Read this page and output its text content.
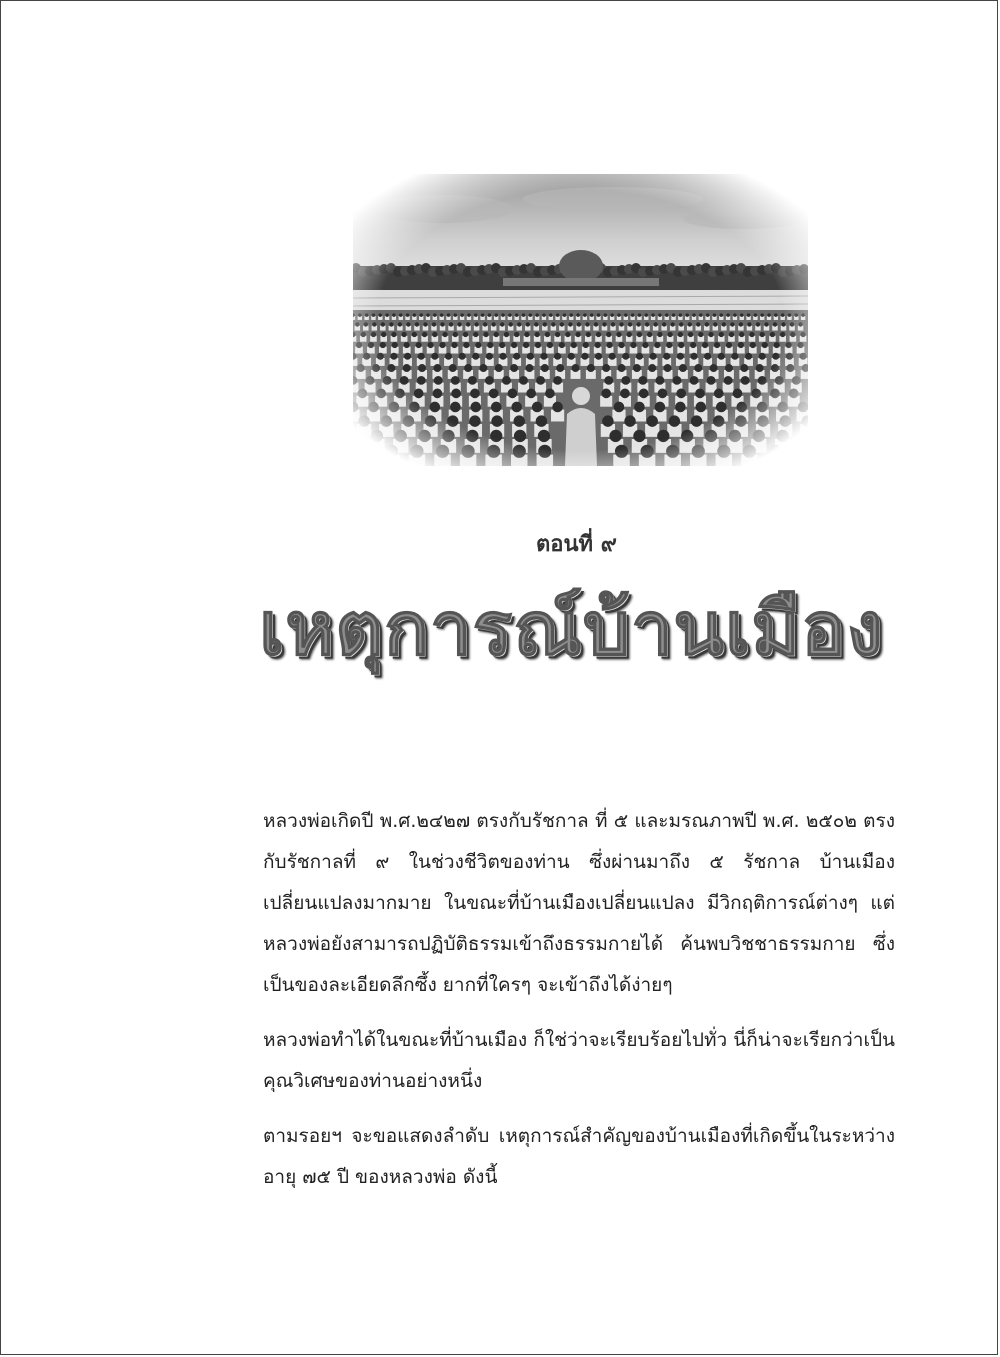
ตอนที่ ๙
เหตุการณ์บ้านเมือง

หลวงพ่อเกิดปี พ.ศ.๒๔๒๗ ตรงกับรัชกาล ที่ ๕ และมรณภาพปี พ.ศ. ๒๕๐๒ ตรงกับรัชกาลที่ ๙ ในช่วงชีวิตของท่าน ซึ่งผ่านมาถึง ๕ รัชกาล บ้านเมืองเปลี่ยนแปลงมากมาย ในขณะที่บ้านเมืองเปลี่ยนแปลง มีวิกฤติการณ์ต่างๆ แต่หลวงพ่อยังสามารถปฏิบัติธรรมเข้าถึงธรรมกายได้ ค้นพบวิชชาธรรมกาย ซึ่งเป็นของละเอียดลึกซึ้ง ยากที่ใครๆ จะเข้าถึงได้ง่ายๆ

หลวงพ่อทำได้ในขณะที่บ้านเมือง ก็ใช่ว่าจะเรียบร้อยไปทั่ว นี่ก็น่าจะเรียกว่าเป็นคุณวิเศษของท่านอย่างหนึ่ง

ตามรอยฯ จะขอแสดงลำดับ เหตุการณ์สำคัญของบ้านเมืองที่เกิดขึ้นในระหว่างอายุ ๗๕ ปี ของหลวงพ่อ ดังนี้
